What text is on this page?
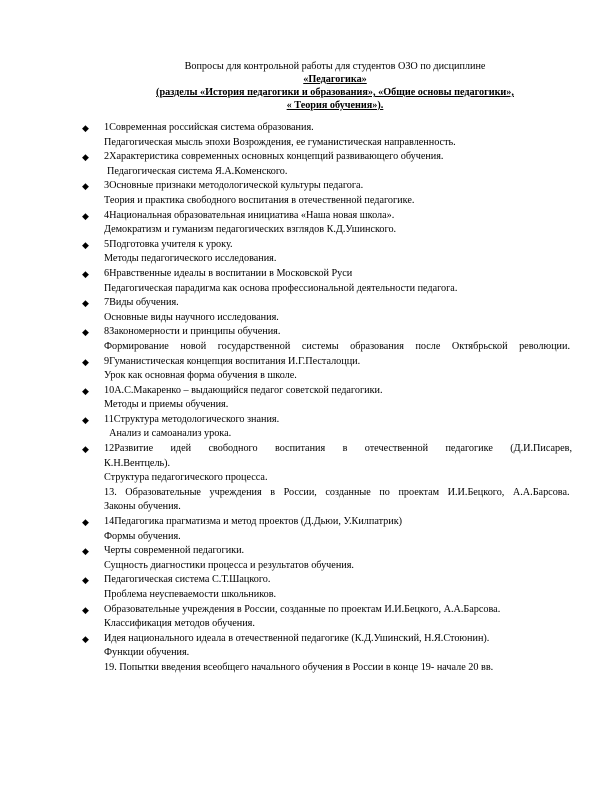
Вопросы для контрольной работы для студентов ОЗО по дисциплине
«Педагогика»
(разделы «История педагогики и образования», «Общие основы педагогики»,
« Теория обучения»).
◆	1Современная российская система образования.
Педагогическая мысль эпохи Возрождения, ее гуманистическая направленность.
◆	2Характеристика современных основных концепций развивающего обучения.
Педагогическая система Я.А.Коменского.
◆	3Основные признаки методологической культуры педагога.
Теория и практика свободного воспитания в отечественной педагогике.
◆	4Национальная образовательная инициатива «Наша новая школа».
Демократизм и гуманизм педагогических взглядов К.Д.Ушинского.
◆	5Подготовка учителя к уроку.
Методы педагогического исследования.
◆	6Нравственные идеалы в воспитании в Московской Руси
Педагогическая парадигма как основа профессиональной деятельности педагога.
◆	7Виды обучения.
Основные виды научного исследования.
◆	8Закономерности и принципы обучения.
Формирование новой государственной системы образования после Октябрьской революции.
◆	9Гуманистическая концепция воспитания И.Г.Песталоцци.
Урок как основная форма обучения в школе.
◆	10А.С.Макаренко – выдающийся педагог советской педагогики.
Методы и приемы обучения.
◆	11Структура методологического знания.
Анализ и самоанализ урока.
◆	12Развитие идей свободного воспитания в отечественной педагогике (Д.И.Писарев, К.Н.Вентцель).
Структура педагогического процесса.
13. Образовательные учреждения в России, созданные по проектам И.И.Бецкого, А.А.Барсова.
Законы обучения.
◆	14Педагогика прагматизма и метод проектов (Д.Дьюи, У.Килпатрик)
Формы обучения.
◆	Черты современной педагогики.
Сущность диагностики процесса и результатов обучения.
◆	Педагогическая система С.Т.Шацкого.
Проблема неуспеваемости школьников.
◆	Образовательные учреждения в России, созданные по проектам И.И.Бецкого, А.А.Барсова.
Классификация методов обучения.
◆	Идея национального идеала в отечественной педагогике (К.Д.Ушинский, Н.Я.Стоюнин).
Функции обучения.
19. Попытки введения всеобщего начального обучения в России в конце 19- начале 20 вв.
